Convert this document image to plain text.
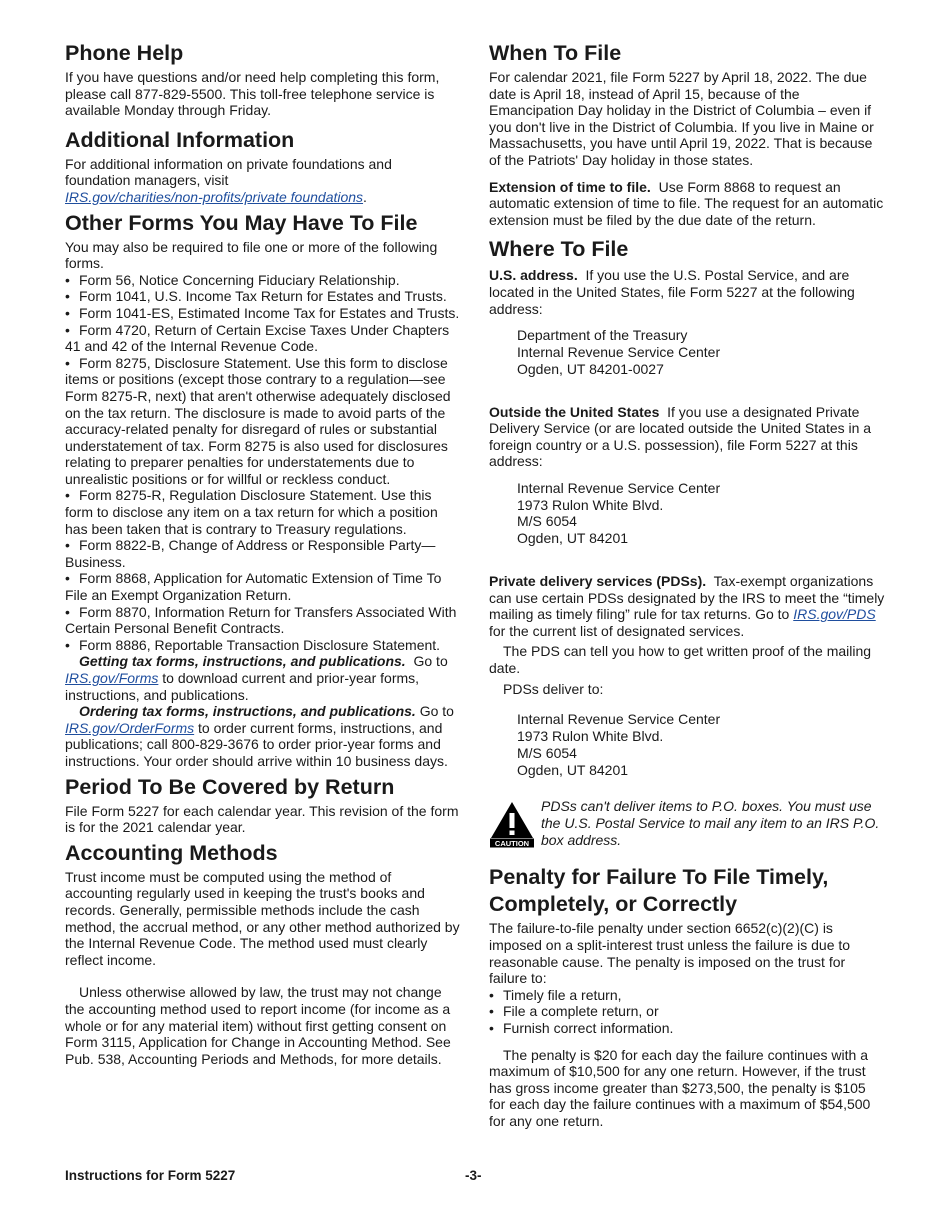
Phone Help

If you have questions and/or need help completing this form, please call 877-829-5500. This toll-free telephone service is available Monday through Friday.

Additional Information

For additional information on private foundations and foundation managers, visit
IRS.gov/charities/non-profits/private foundations.

Other Forms You May Have To File

You may also be required to file one or more of the following forms.

• Form 56, Notice Concerning Fiduciary Relationship.
• Form 1041, U.S. Income Tax Return for Estates and Trusts.
• Form 1041-ES, Estimated Income Tax for Estates and Trusts.
• Form 4720, Return of Certain Excise Taxes Under Chapters 41 and 42 of the Internal Revenue Code.
• Form 8275, Disclosure Statement. Use this form to disclose items or positions (except those contrary to a regulation—see Form 8275-R, next) that aren't otherwise adequately disclosed on the tax return. The disclosure is made to avoid parts of the accuracy-related penalty for disregard of rules or substantial understatement of tax. Form 8275 is also used for disclosures relating to preparer penalties for understatements due to unrealistic positions or for willful or reckless conduct.
• Form 8275-R, Regulation Disclosure Statement. Use this form to disclose any item on a tax return for which a position has been taken that is contrary to Treasury regulations.
• Form 8822-B, Change of Address or Responsible Party—Business.
• Form 8868, Application for Automatic Extension of Time To File an Exempt Organization Return.
• Form 8870, Information Return for Transfers Associated With Certain Personal Benefit Contracts.
• Form 8886, Reportable Transaction Disclosure Statement.

Getting tax forms, instructions, and publications. Go to IRS.gov/Forms to download current and prior-year forms, instructions, and publications.

Ordering tax forms, instructions, and publications. Go to IRS.gov/OrderForms to order current forms, instructions, and publications; call 800-829-3676 to order prior-year forms and instructions. Your order should arrive within 10 business days.

Period To Be Covered by Return

File Form 5227 for each calendar year. This revision of the form is for the 2021 calendar year.

Accounting Methods

Trust income must be computed using the method of accounting regularly used in keeping the trust's books and records. Generally, permissible methods include the cash method, the accrual method, or any other method authorized by the Internal Revenue Code. The method used must clearly reflect income.

Unless otherwise allowed by law, the trust may not change the accounting method used to report income (for income as a whole or for any material item) without first getting consent on Form 3115, Application for Change in Accounting Method. See Pub. 538, Accounting Periods and Methods, for more details.

When To File

For calendar 2021, file Form 5227 by April 18, 2022. The due date is April 18, instead of April 15, because of the Emancipation Day holiday in the District of Columbia – even if you don't live in the District of Columbia. If you live in Maine or Massachusetts, you have until April 19, 2022. That is because of the Patriots' Day holiday in those states.

Extension of time to file. Use Form 8868 to request an automatic extension of time to file. The request for an automatic extension must be filed by the due date of the return.

Where To File

U.S. address. If you use the U.S. Postal Service, and are located in the United States, file Form 5227 at the following address:

Department of the Treasury
Internal Revenue Service Center
Ogden, UT 84201-0027

Outside the United States If you use a designated Private Delivery Service (or are located outside the United States in a foreign country or a U.S. possession), file Form 5227 at this address:

Internal Revenue Service Center
1973 Rulon White Blvd.
M/S 6054
Ogden, UT 84201

Private delivery services (PDSs). Tax-exempt organizations can use certain PDSs designated by the IRS to meet the “timely mailing as timely filing” rule for tax returns. Go to IRS.gov/PDS for the current list of designated services.

The PDS can tell you how to get written proof of the mailing date.

PDSs deliver to:

Internal Revenue Service Center
1973 Rulon White Blvd.
M/S 6054
Ogden, UT 84201
CAUTION
PDSs can't deliver items to P.O. boxes. You must use the U.S. Postal Service to mail any item to an IRS P.O. box address.
Penalty for Failure To File Timely, Completely, or Correctly

The failure-to-file penalty under section 6652(c)(2)(C) is imposed on a split-interest trust unless the failure is due to reasonable cause. The penalty is imposed on the trust for failure to:

• Timely file a return,
• File a complete return, or
• Furnish correct information.

The penalty is $20 for each day the failure continues with a maximum of $10,500 for any one return. However, if the trust has gross income greater than $273,500, the penalty is $105 for each day the failure continues with a maximum of $54,500 for any one return.

Instructions for Form 5227	-3-
